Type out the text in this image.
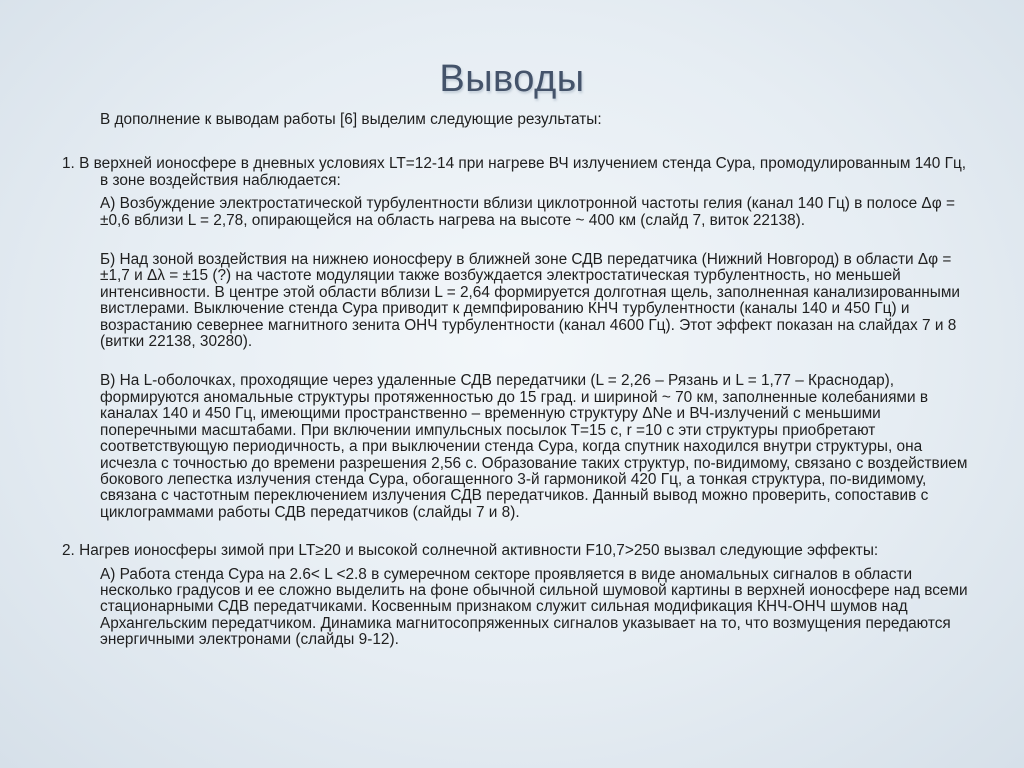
Выводы

В дополнение к выводам работы [6] выделим следующие результаты:

1. В верхней ионосфере в дневных условиях LT=12-14 при нагреве ВЧ излучением стенда Сура, промодулированным 140 Гц, в зоне воздействия наблюдается:

А) Возбуждение электростатической турбулентности вблизи циклотронной частоты гелия (канал 140 Гц) в полосе Δφ = ±0,6 вблизи L = 2,78, опирающейся на область нагрева на высоте ~ 400 км (слайд 7, виток 22138).

Б) Над зоной воздействия на нижнею ионосферу в ближней зоне СДВ передатчика (Нижний Новгород) в области Δφ = ±1,7 и Δλ = ±15 (?) на частоте модуляции также возбуждается электростатическая турбулентность, но меньшей интенсивности. В центре этой области вблизи L = 2,64 формируется долготная щель, заполненная канализированными вистлерами. Выключение стенда Сура приводит к демпфированию КНЧ турбулентности (каналы 140 и 450 Гц) и возрастанию севернее магнитного зенита ОНЧ турбулентности (канал 4600 Гц). Этот эффект показан на слайдах 7 и 8 (витки 22138, 30280).

В) На L-оболочках, проходящие через удаленные СДВ передатчики (L = 2,26 – Рязань и L = 1,77 – Краснодар), формируются аномальные структуры протяженностью до 15 град. и шириной ~ 70 км, заполненные колебаниями в каналах 140 и 450 Гц, имеющими пространственно – временную структуру ΔNe и ВЧ-излучений с меньшими поперечными масштабами. При включении импульсных посылок T=15 с, r =10 с эти структуры приобретают соответствующую периодичность, а при выключении стенда Сура, когда спутник находился внутри структуры, она исчезла с точностью до времени разрешения 2,56 с. Образование таких структур, по-видимому, связано с воздействием бокового лепестка излучения стенда Сура, обогащенного 3-й гармоникой 420 Гц, а тонкая структура, по-видимому, связана с частотным переключением излучения СДВ передатчиков. Данный вывод можно проверить, сопоставив с циклограммами работы СДВ передатчиков (слайды 7 и 8).

2. Нагрев ионосферы зимой при LT≥20 и высокой солнечной активности F10,7>250 вызвал следующие эффекты:

А) Работа стенда Сура на 2.6< L <2.8 в сумеречном секторе проявляется в виде аномальных сигналов в области несколько градусов и ее сложно выделить на фоне обычной сильной шумовой картины в верхней ионосфере над всеми стационарными СДВ передатчиками. Косвенным признаком служит сильная модификация КНЧ-ОНЧ шумов над Архангельским передатчиком. Динамика магнитосопряженных сигналов указывает на то, что возмущения передаются энергичными электронами (слайды 9-12).
